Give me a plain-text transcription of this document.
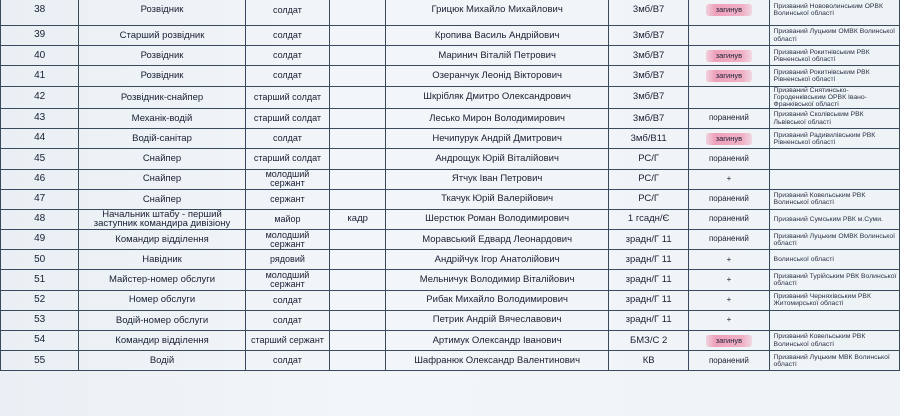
38	Розвідник	солдат		Грицюк Михайло Михайлович	3мб/В7	загинув	Призваний Нововолинським ОРВК Волинської області
39	Старший розвідник	солдат		Кропива Василь Андрійович	3мб/В7		Призваний Луцьким ОМВК Волинської області
40	Розвідник	солдат		Маринич Віталій Петрович	3мб/В7	загинув	Призваний Рокитнівським РВК Рівненської області
41	Розвідник	солдат		Озеранчук Леонід Вікторович	3мб/В7	загинув	Призваний Рокитнівським РВК Рівненської області
42	Розвідник-снайпер	старший солдат		Шкрібляк Дмитро Олександрович	3мб/В7		Призваний Снятинсько-Городенківським ОРВК Івано-Франківської області
43	Механік-водій	старший солдат		Лесько Мирон Володимирович	3мб/В7	поранений	Призваний Сколівським РВК Львівської області
44	Водій-санітар	солдат		Нечипурук Андрій Дмитрович	3мб/В11	загинув	Призваний Радивилівським РВК Рівненської області
45	Снайпер	старший солдат		Андрощук Юрій Віталійович	РС/Г	поранений	
46	Снайпер	молодший сержант		Ятчук Іван Петрович	РС/Г	+	
47	Снайпер	сержант		Ткачук Юрій Валерійович	РС/Г	поранений	Призваний Ковельським РВК Волинської області
48	Начальник штабу - перший заступник командира дивізіону	майор	кадр	Шерстюк Роман Володимирович	1 гсадн/Є	поранений	Призваний Сумським РВК м.Суми.
49	Командир відділення	молодший сержант		Моравський Едвард Леонардович	зрадн/Г 11	поранений	Призваний Луцьким ОМВК Волинської області
50	Навідник	рядовий		Андрійчук Ігор Анатолійович	зрадн/Г 11	+	Волинської області
51	Майстер-номер обслуги	молодший сержант		Мельничук Володимир Віталійович	зрадн/Г 11	+	Призваний Турійським РВК Волинської області
52	Номер обслуги	солдат		Рибак Михайло Володимирович	зрадн/Г 11	+	Призваний Черняхівським РВК Житомирської області
53	Водій-номер обслуги	солдат		Петрик Андрій Вячеславович	зрадн/Г 11	+	
54	Командир відділення	старший сержант		Артимук Олександр Іванович	БМЗ/С 2	загинув	Призваний Ковельським РВК Волинської області
55	Водій	солдат		Шафранюк Олександр Валентинович	КВ	поранений	Призваний Луцьким МВК Волинської області
